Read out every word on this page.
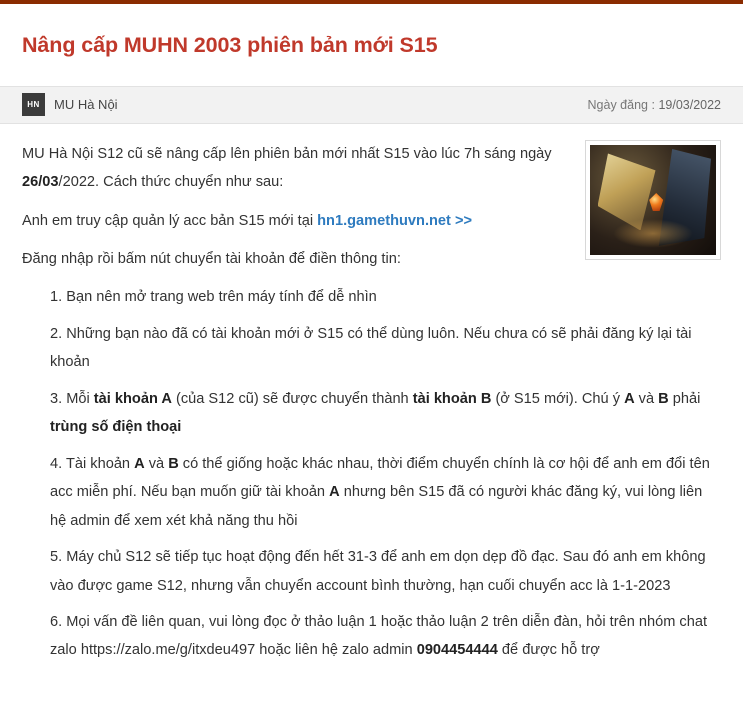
Nâng cấp MUHN 2003 phiên bản mới S15
HN	MU Hà Nội	Ngày đăng : 19/03/2022

MU Hà Nội S12 cũ sẽ nâng cấp lên phiên bản mới nhất S15 vào lúc 7h sáng ngày 26/03/2022. Cách thức chuyển như sau:

Anh em truy cập quản lý acc bản S15 mới tại hn1.gamethuvn.net >>

Đăng nhập rồi bấm nút chuyển tài khoản để điền thông tin:

1. Bạn nên mở trang web trên máy tính để dễ nhìn

2. Những bạn nào đã có tài khoản mới ở S15 có thể dùng luôn. Nếu chưa có sẽ phải đăng ký lại tài khoản

3. Mỗi tài khoản A (của S12 cũ) sẽ được chuyển thành tài khoản B (ở S15 mới). Chú ý A và B phải trùng số điện thoại

4. Tài khoản A và B có thể giống hoặc khác nhau, thời điểm chuyển chính là cơ hội để anh em đổi tên acc miễn phí. Nếu bạn muốn giữ tài khoản A nhưng bên S15 đã có người khác đăng ký, vui lòng liên hệ admin để xem xét khả năng thu hồi

5. Máy chủ S12 sẽ tiếp tục hoạt động đến hết 31-3 để anh em dọn dẹp đồ đạc. Sau đó anh em không vào được game S12, nhưng vẫn chuyển account bình thường, hạn cuối chuyển acc là 1-1-2023

6. Mọi vấn đề liên quan, vui lòng đọc ở thảo luận 1 hoặc thảo luận 2 trên diễn đàn, hỏi trên nhóm chat zalo https://zalo.me/g/itxdeu497 hoặc liên hệ zalo admin 0904454444 để được hỗ trợ
